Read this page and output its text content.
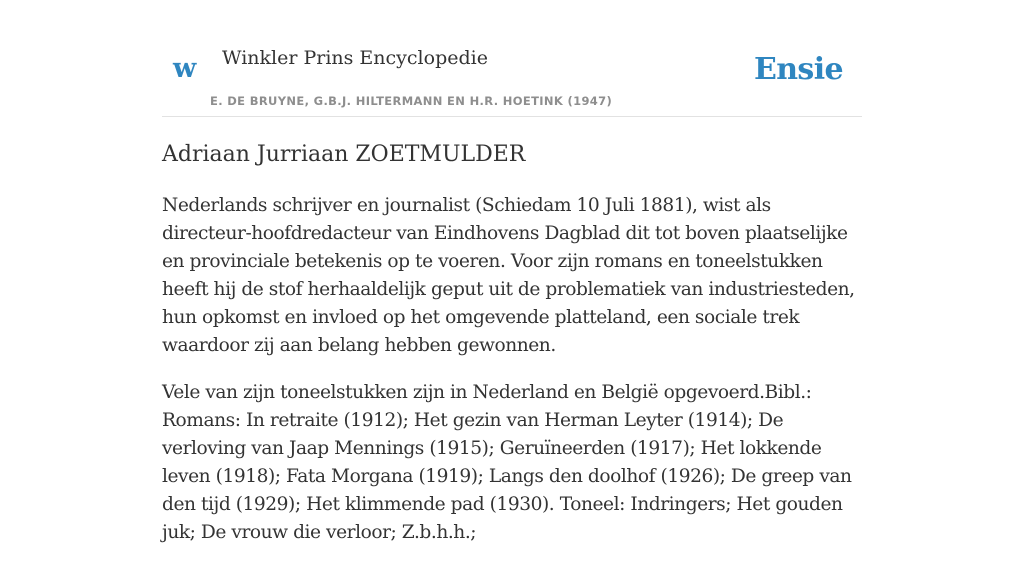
w Winkler Prins Encyclopedie
E. DE BRUYNE, G.B.J. HILTERMANN EN H.R. HOETINK (1947)
Ensie
Adriaan Jurriaan ZOETMULDER

Nederlands schrijver en journalist (Schiedam 10 Juli 1881), wist als directeur-hoofdredacteur van Eindhovens Dagblad dit tot boven plaatselijke en provinciale betekenis op te voeren. Voor zijn romans en toneelstukken heeft hij de stof herhaaldelijk geput uit de problematiek van industriesteden, hun opkomst en invloed op het omgevende platteland, een sociale trek waardoor zij aan belang hebben gewonnen.

Vele van zijn toneelstukken zijn in Nederland en België opgevoerd.Bibl.: Romans: In retraite (1912); Het gezin van Herman Leyter (1914); De verloving van Jaap Mennings (1915); Geruïneerden (1917); Het lokkende leven (1918); Fata Morgana (1919); Langs den doolhof (1926); De greep van den tijd (1929); Het klimmende pad (1930). Toneel: Indringers; Het gouden juk; De vrouw die verloor; Z.b.h.h.;
